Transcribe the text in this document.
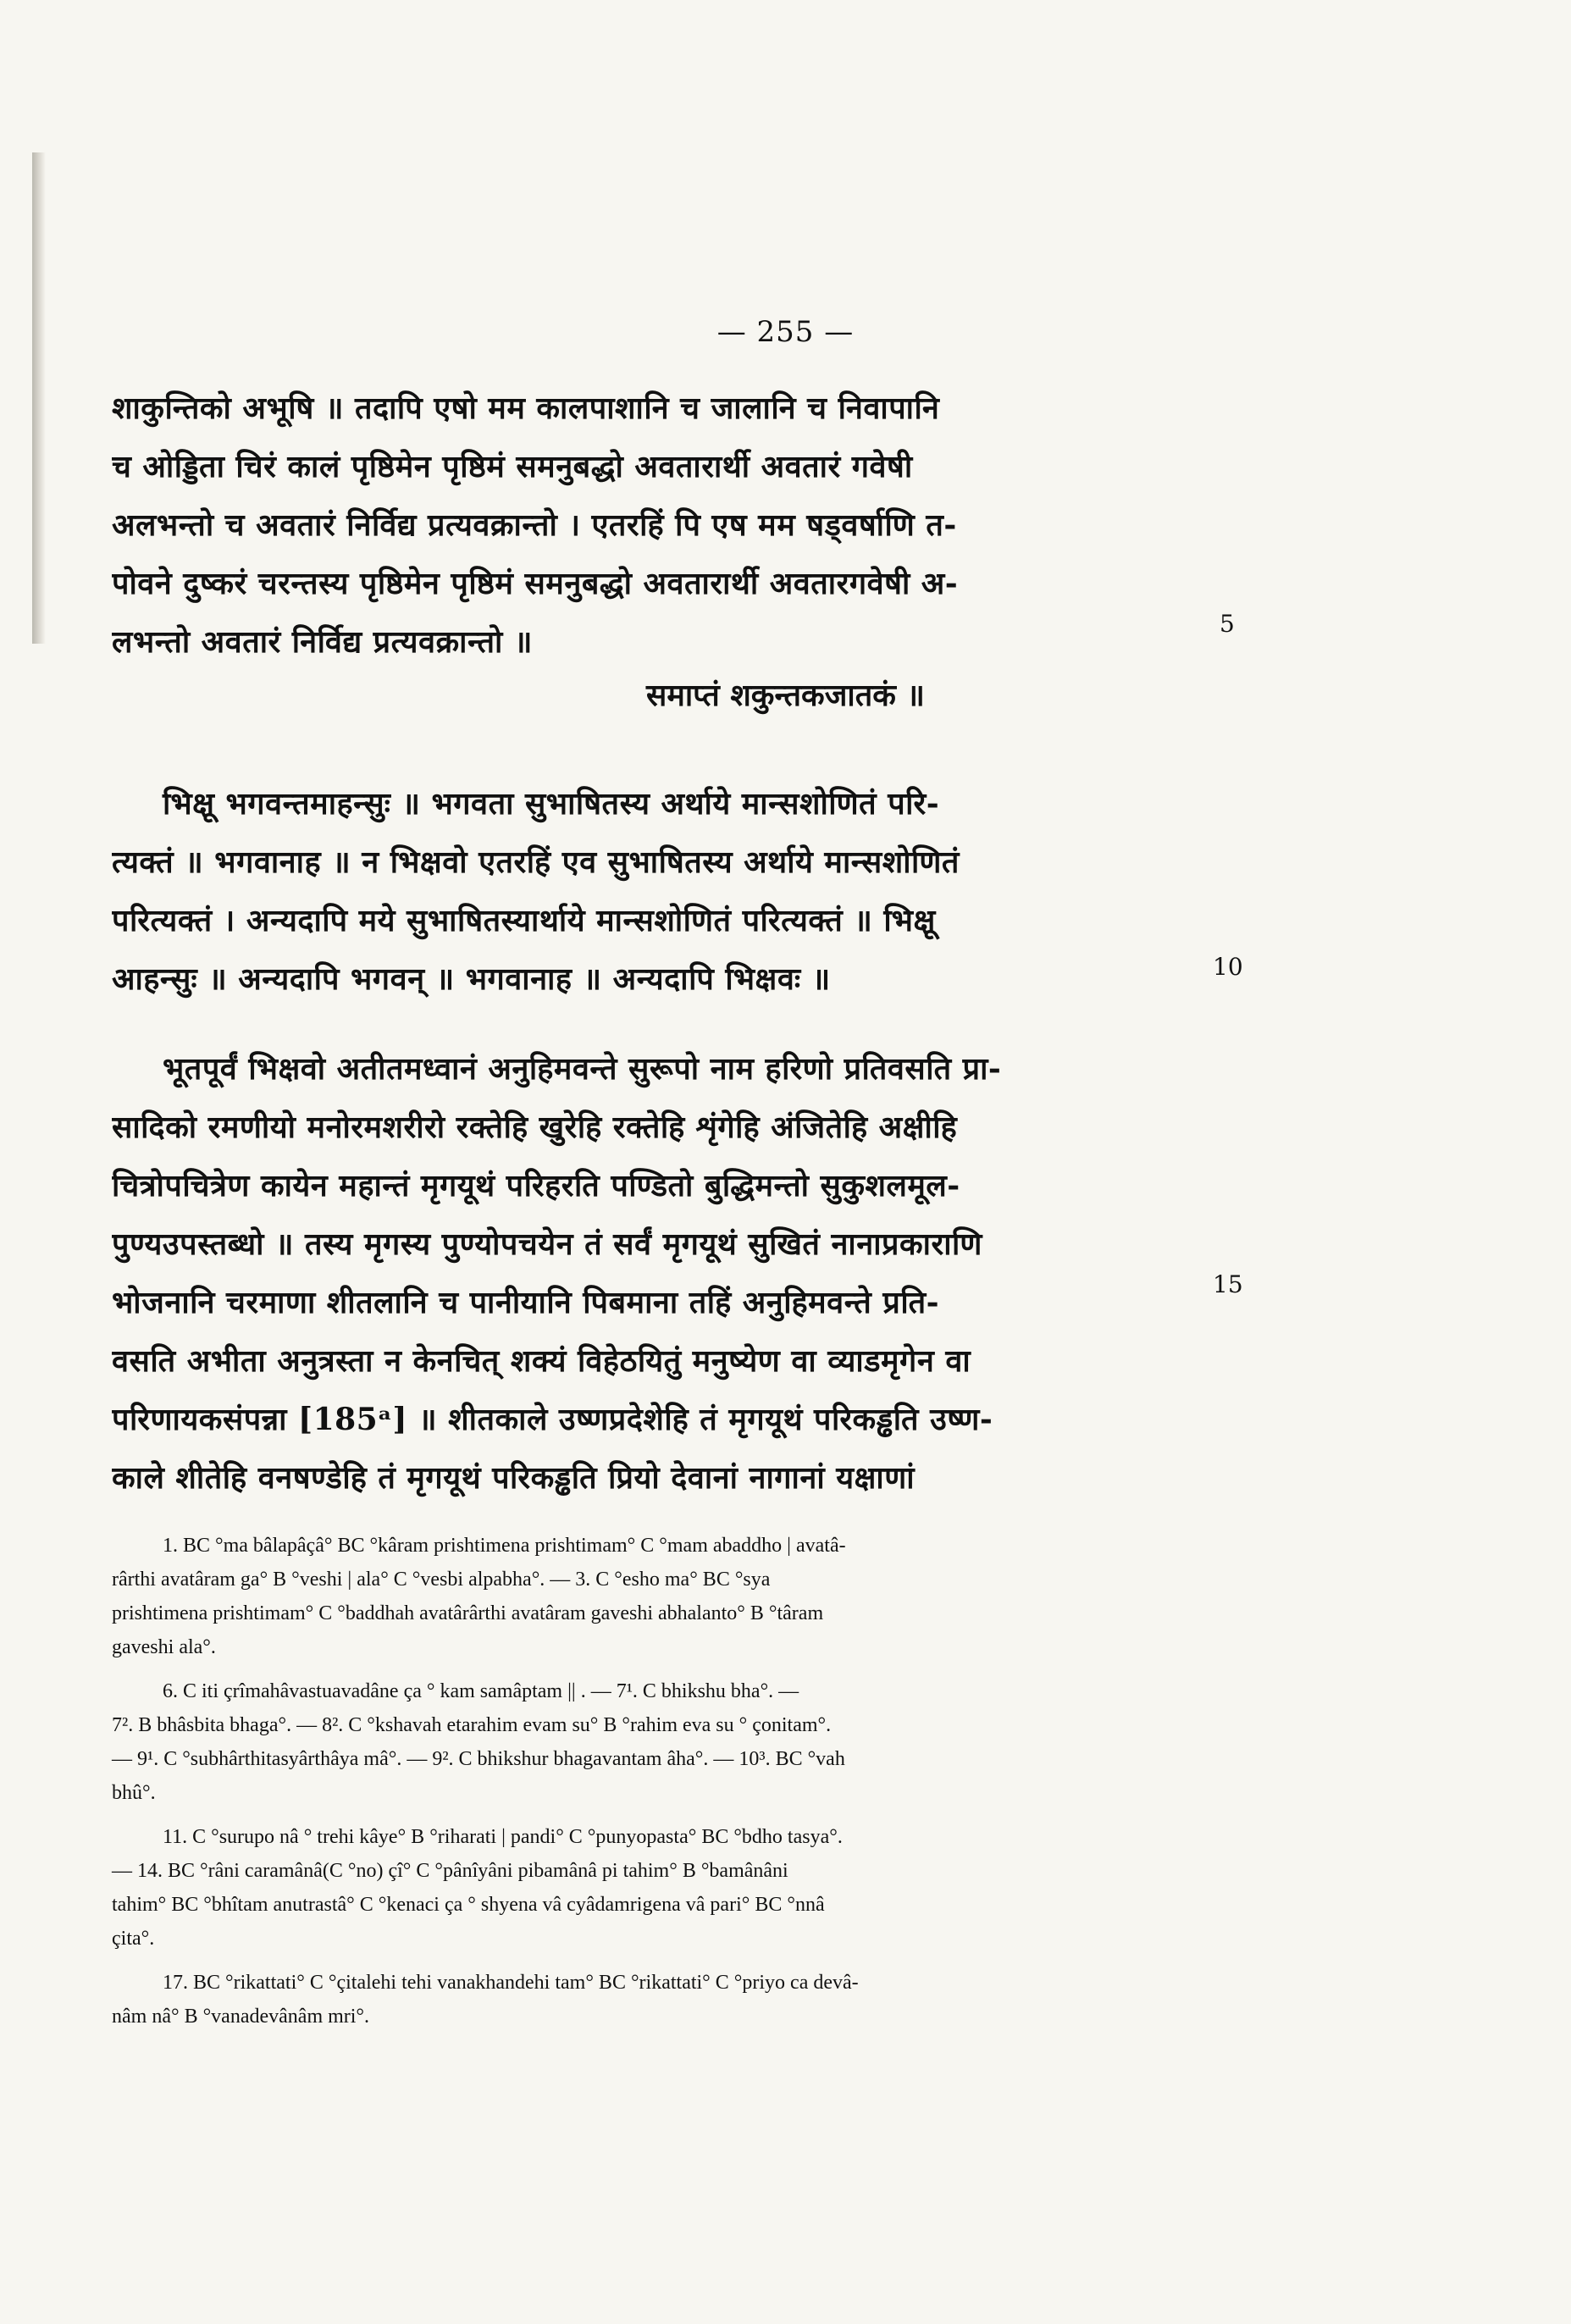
— 255 —
शाकुन्तिको अभूषि ॥ तदापि एषो मम कालपाशानि च जालानि च निवापानि
च ओड्डिता चिरं कालं पृष्ठिमेन पृष्ठिमं समनुबद्धो अवतारार्थी अवतारं गवेषी
अलभन्तो च अवतारं निर्विद्य प्रत्यवक्रान्तो । एतरहिं पि एष मम षड्वर्षाणि त-
पोवने दुष्करं चरन्तस्य पृष्ठिमेन पृष्ठिमं समनुबद्धो अवतारार्थी अवतारगवेषी अ-
लभन्तो अवतारं निर्विद्य प्रत्यवक्रान्तो ॥
5
समाप्तं शकुन्तकजातकं ॥
भिक्षू भगवन्तमाहन्सुः ॥ भगवता सुभाषितस्य अर्थाये मान्सशोणितं परि-
त्यक्तं ॥ भगवानाह ॥ न भिक्षवो एतरहिं एव सुभाषितस्य अर्थाये मान्सशोणितं
परित्यक्तं । अन्यदापि मये सुभाषितस्यार्थाये मान्सशोणितं परित्यक्तं ॥ भिक्षू
आहन्सुः ॥ अन्यदापि भगवन् ॥ भगवानाह ॥ अन्यदापि भिक्षवः ॥	10
भूतपूर्वं भिक्षवो अतीतमध्वानं अनुहिमवन्ते सुरूपो नाम हरिणो प्रतिवसति प्रा-
सादिको रमणीयो मनोरमशरीरो रक्तेहि खुरेहि रक्तेहि शृंगेहि अंजितेहि अक्षीहि
चित्रोपचित्रेण कायेन महान्तं मृगयूथं परिहरति पण्डितो बुद्धिमन्तो सुकुशलमूल-
पुण्यउपस्तब्धो ॥ तस्य मृगस्य पुण्योपचयेन तं सर्वं मृगयूथं सुखितं नानाप्रकाराणि
भोजनानि चरमाणा शीतलानि च पानीयानि पिबमाना तहिं अनुहिमवन्ते प्रति-
वसति अभीता अनुत्रस्ता न केनचित् शक्यं विहेठयितुं मनुष्येण वा व्याडमृगेन वा
परिणायकसंपन्ना [185ᵃ] ॥ शीतकाले उष्णप्रदेशेहि तं मृगयूथं परिकड्ढति उष्ण-
काले शीतेहि वनषण्डेहि तं मृगयूथं परिकड्ढति प्रियो देवानां नागानां यक्षाणां
15
1. BC °ma bâlapâçâ° BC °kâram prishtimena prishtimam° C °mam abaddho | avatâ-
rârthi avatâram ga° B °veshi | ala° C °vesbi alpabha°. — 3. C °esho ma° BC °sya
prishtimena prishtimam° C °baddhah avatârârthi avatâram gaveshi abhalanto° B °târam
gaveshi ala°.
6. C iti çrîmahâvastuavadâne ça ° kam samâptam || . — 7¹. C bhikshu bha°. —
7². B bhâsbita bhaga°. — 8². C °kshavah etarahim evam su° B °rahim eva su ° çonitam°.
— 9¹. C °subhârthitasyârthâya mâ°. — 9². C bhikshur bhagavantam âha°. — 10³. BC °vah
bhû°.
11. C °surupo nâ ° trehi kâye° B °riharati | pandi° C °punyopasta° BC °bdho tasya°.
— 14. BC °râni caramânâ(C °no) çî° C °pânîyâni pibamânâ pi tahim° B °bamânâni
tahim° BC °bhîtam anutrastâ° C °kenaci ça ° shyena vâ cyâdamrigena vâ pari° BC °nnâ
çita°.
17. BC °rikattati° C °çitalehi tehi vanakhandehi tam° BC °rikattati° C °priyo ca devâ-
nâm nâ° B °vanadevânâm mri°.
